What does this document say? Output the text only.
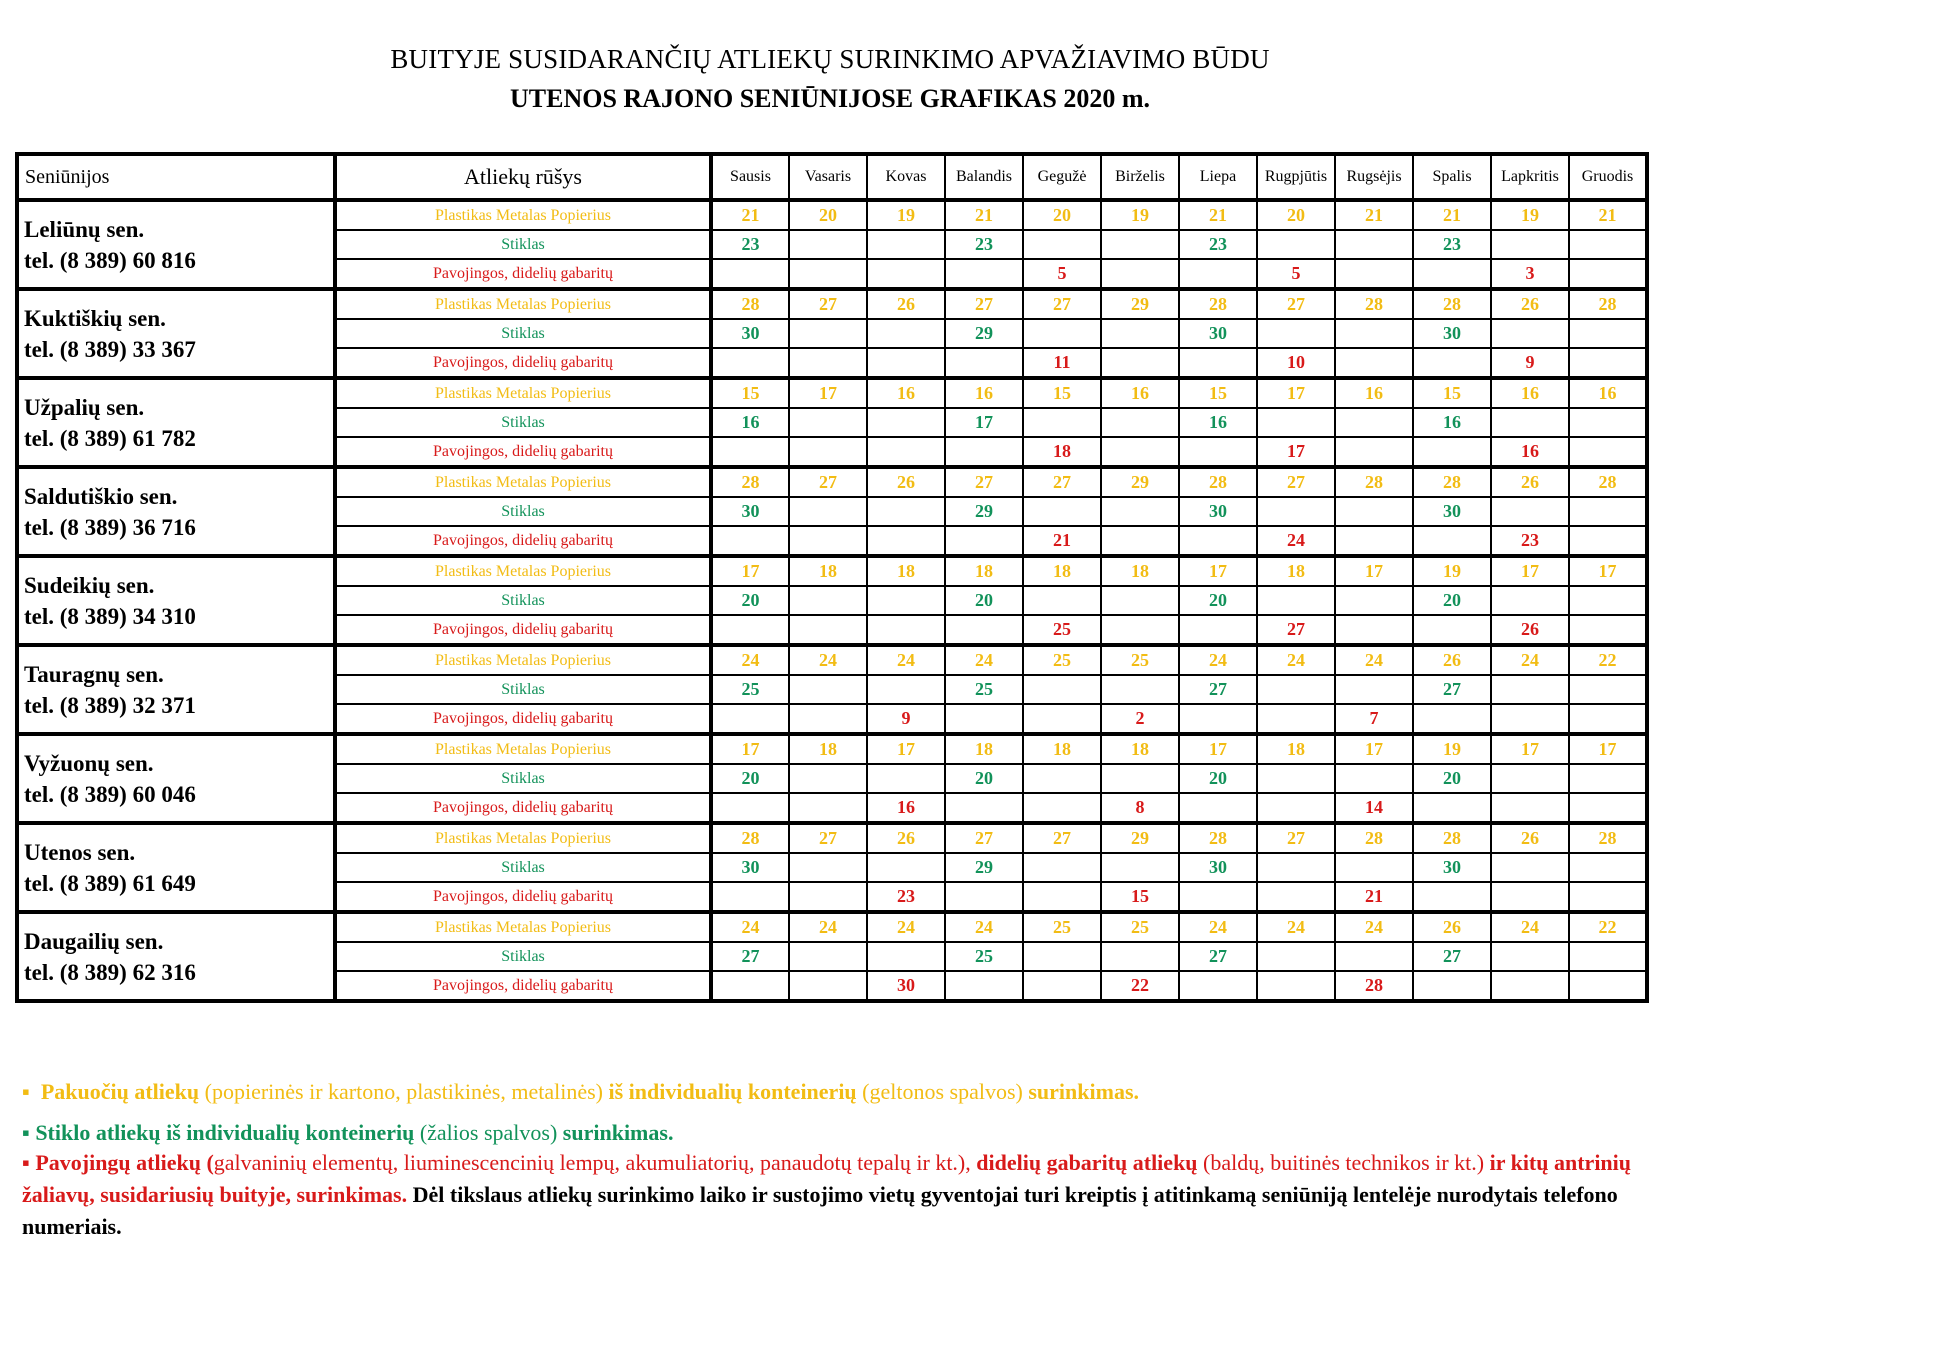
BUITYJE SUSIDARANČIŲ ATLIEKŲ SURINKIMO APVAŽIAVIMO BŪDU
UTENOS RAJONO SENIŪNIJOSE GRAFIKAS 2020 m.
Seniūnijos	Atliekų rūšys	Sausis	Vasaris	Kovas	Balandis	Gegužė	Birželis	Liepa	Rugpjūtis	Rugsėjis	Spalis	Lapkritis	Gruodis

Leliūnų sen.
tel. (8 389) 60 816	Plastikas Metalas Popierius	21	20	19	21	20	19	21	20	21	21	19	21
	Stiklas	23			23			23			23		
	Pavojingos, didelių gabaritų					5			5			3	

Kuktiškių sen.
tel. (8 389) 33 367	Plastikas Metalas Popierius	28	27	26	27	27	29	28	27	28	28	26	28
	Stiklas	30			29			30			30		
	Pavojingos, didelių gabaritų					11			10			9	

Užpalių sen.
tel. (8 389) 61 782	Plastikas Metalas Popierius	15	17	16	16	15	16	15	17	16	15	16	16
	Stiklas	16			17			16			16		
	Pavojingos, didelių gabaritų					18			17			16	

Saldutiškio sen.
tel. (8 389) 36 716	Plastikas Metalas Popierius	28	27	26	27	27	29	28	27	28	28	26	28
	Stiklas	30			29			30			30		
	Pavojingos, didelių gabaritų					21			24			23	

Sudeikių sen.
tel. (8 389) 34 310	Plastikas Metalas Popierius	17	18	18	18	18	18	17	18	17	19	17	17
	Stiklas	20			20			20			20		
	Pavojingos, didelių gabaritų					25			27			26	

Tauragnų sen.
tel. (8 389) 32 371	Plastikas Metalas Popierius	24	24	24	24	25	25	24	24	24	26	24	22
	Stiklas	25			25			27			27		
	Pavojingos, didelių gabaritų			9			2			7			

Vyžuonų sen.
tel. (8 389) 60 046	Plastikas Metalas Popierius	17	18	17	18	18	18	17	18	17	19	17	17
	Stiklas	20			20			20			20		
	Pavojingos, didelių gabaritų			16			8			14			

Utenos sen.
tel. (8 389) 61 649	Plastikas Metalas Popierius	28	27	26	27	27	29	28	27	28	28	26	28
	Stiklas	30			29			30			30		
	Pavojingos, didelių gabaritų			23			15			21			

Daugailių sen.
tel. (8 389) 62 316	Plastikas Metalas Popierius	24	24	24	24	25	25	24	24	24	26	24	22
	Stiklas	27			25			27			27		
	Pavojingos, didelių gabaritų			30			22			28			
▪ Pakuočių atliekų (popierinės ir kartono, plastikinės, metalinės) iš individualių konteinerių (geltonos spalvos) surinkimas.
▪ Stiklo atliekų iš individualių konteinerių (žalios spalvos) surinkimas.
▪ Pavojingų atliekų (galvaninių elementų, liuminescencinių lempų, akumuliatorių, panaudotų tepalų ir kt.), didelių gabaritų atliekų (baldų, buitinės technikos ir kt.) ir kitų antrinių žaliavų, susidariusių buityje, surinkimas. Dėl tikslaus atliekų surinkimo laiko ir sustojimo vietų gyventojai turi kreiptis į atitinkamą seniūniją lentelėje nurodytais telefono numeriais.
